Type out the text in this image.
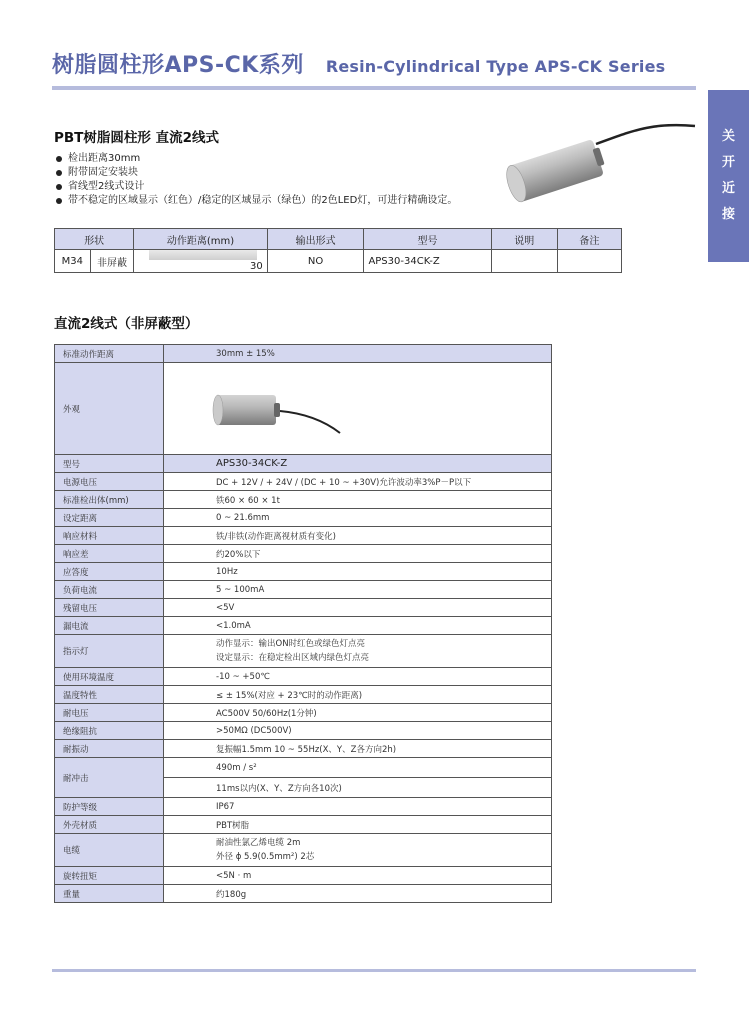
树脂圆柱形APS-CK系列 Resin-Cylindrical Type APS-CK Series
关
开
近
接
PBT树脂圆柱形 直流2线式
检出距离30mm
附带固定安装块
省线型2线式设计
带不稳定的区域显示（红色）/稳定的区域显示（绿色）的2色LED灯，可进行精确设定。
形状		动作距离(mm)	输出形式	型号	说明	备注
M34	非屏蔽	30	NO	APS30-34CK-Z		
直流2线式（非屏蔽型）
标准动作距离	30mm ± 15%
外观	

型号	APS30-34CK-Z
电源电压	DC + 12V / + 24V / (DC + 10 ~ +30V)允许波动率3%P－P以下
标准检出体(mm)	铁60 × 60 × 1t
设定距离	0 ~ 21.6mm
响应材料	铁/非铁(动作距离视材质有变化)
响应差	约20%以下
应答度	10Hz
负荷电流	5 ~ 100mA
残留电压	<5V
漏电流	<1.0mA
指示灯	动作显示：输出ON时红色或绿色灯点亮
设定显示：在稳定检出区域内绿色灯点亮

使用环境温度	-10 ~ +50℃
温度特性	≤ ± 15%(对应 + 23℃时的动作距离)
耐电压	AC500V 50/60Hz(1分钟)
绝缘阻抗	>50MΩ (DC500V)
耐振动	复振幅1.5mm 10 ~ 55Hz(X、Y、Z各方向2h)
耐冲击	490m / s²
	11ms以内(X、Y、Z方向各10次)
防护等级	IP67
外壳材质	PBT树脂
电缆	耐油性氯乙烯电缆 2m
外径 ϕ 5.9(0.5mm²) 2芯

旋转扭矩	<5N · m
重量	约180g
